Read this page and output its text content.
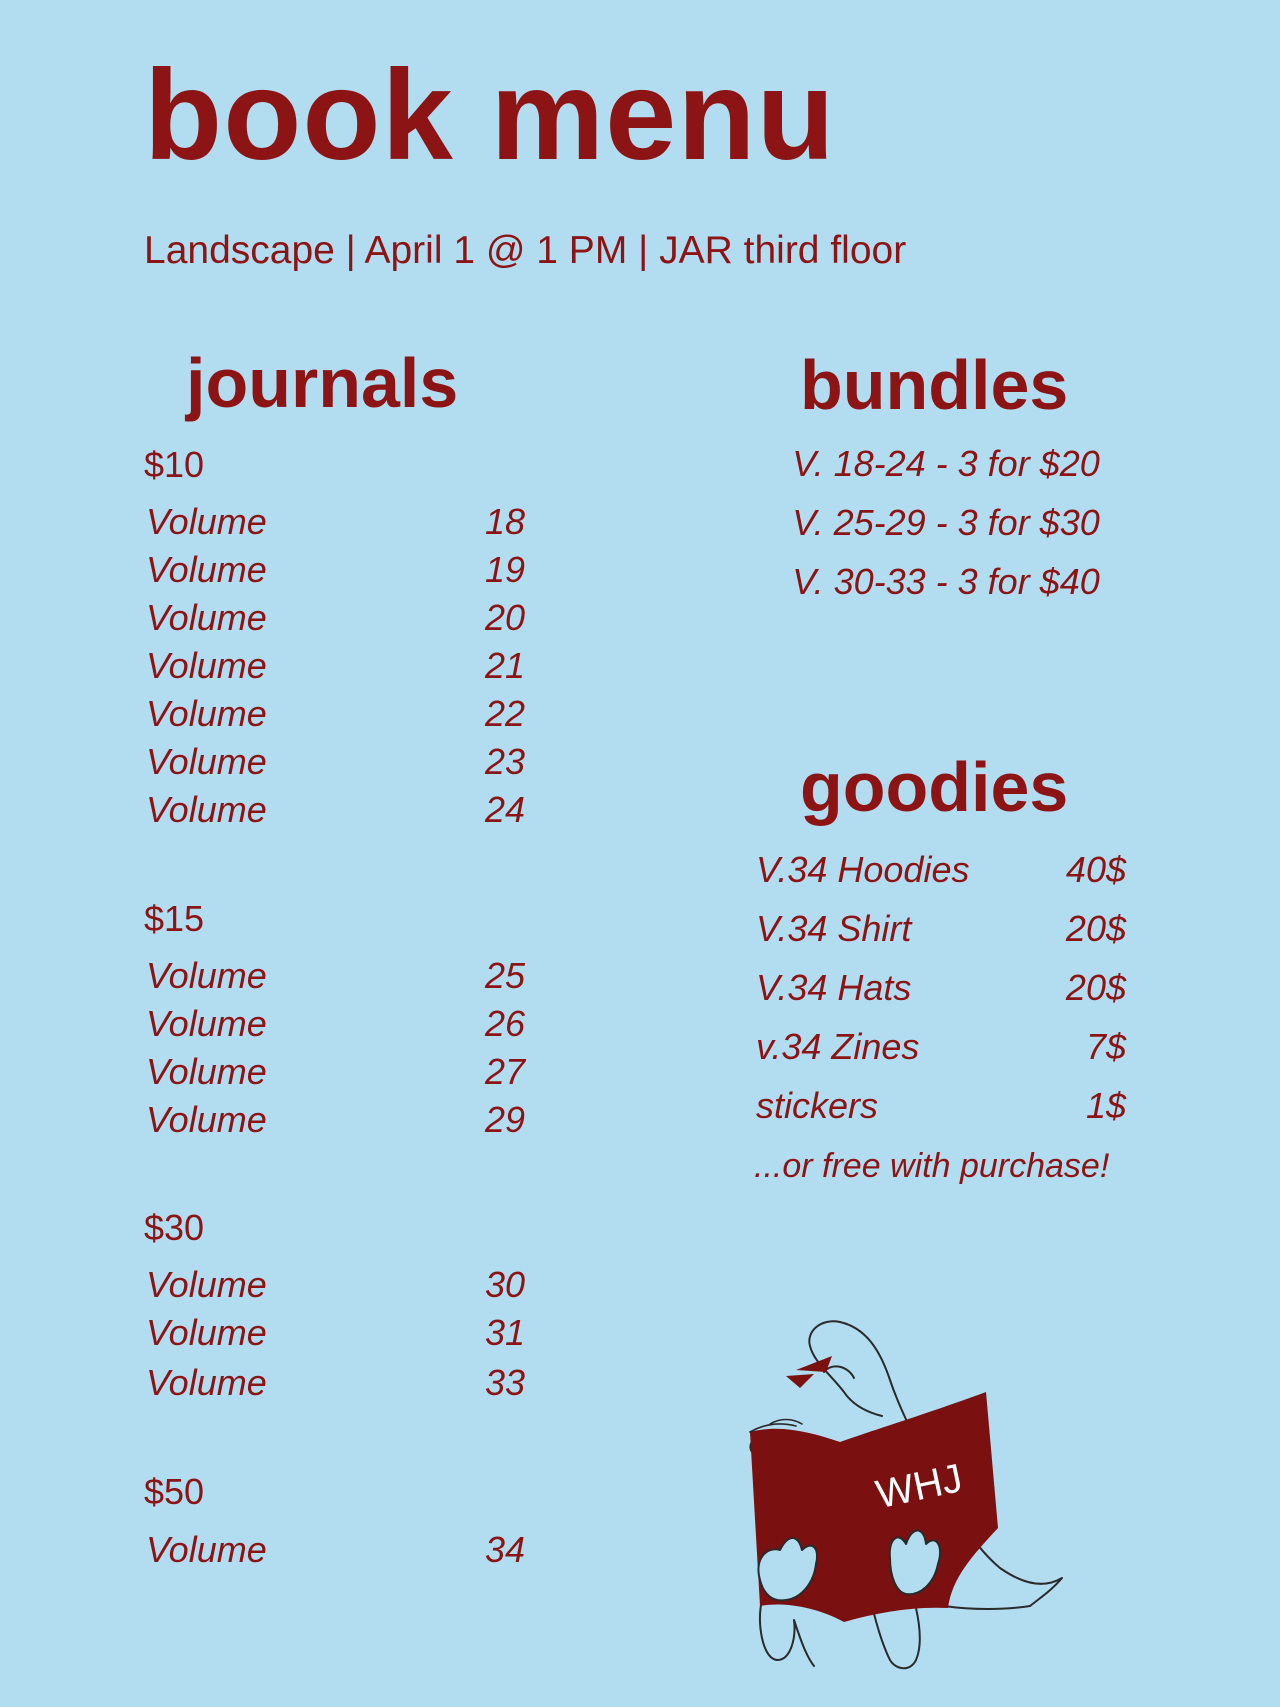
book menu
Landscape | April 1 @ 1 PM | JAR third floor
journals
$10
Volume	18
Volume	19
Volume	20
Volume	21
Volume	22
Volume	23
Volume	24
$15
Volume	25
Volume	26
Volume	27
Volume	29
$30
Volume	30
Volume	31
Volume	33
$50
Volume	34
bundles
V. 18-24 - 3 for $20
V. 25-29 - 3 for $30
V. 30-33 - 3 for $40
goodies
V.34 Hoodies	40$
V.34 Shirt	20$
V.34 Hats	20$
v.34 Zines	7$
stickers	1$
...or free with purchase!
WHJ
